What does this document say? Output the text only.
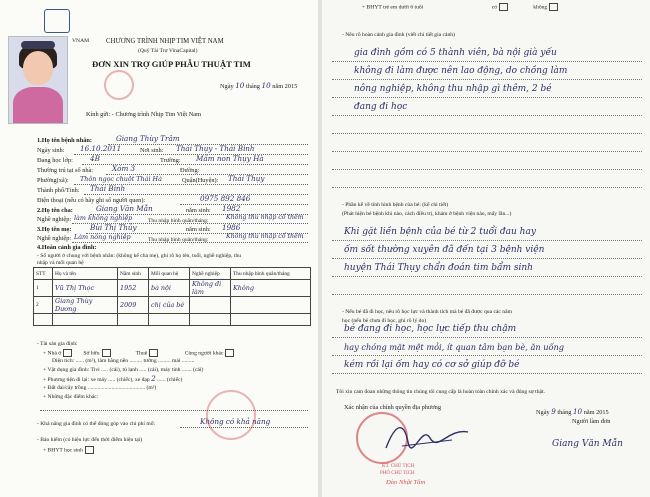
VNAM CHƯƠNG TRÌNH NHỊP TIM VIỆT NAM
(Quỹ Tài Trợ VinaCapital)
ĐƠN XIN TRỢ GIÚP PHẪU THUẬT TIM
Ngày 10 tháng 10 năm 2015
Kính gửi: - Chương trình Nhịp Tim Việt Nam
1.Họ tên bệnh nhân:	Giang Thùy Trâm
Ngày sinh: 16.10.2011	Nơi sinh: Thái Thụy - Thái Bình
Đang học lớp: 4B	Trường: Mầm non Thụy Hà
Thường trú tại số nhà:	Xóm 3	Đường:
Phường(xã): Thôn ngọc chuột Thái Hà	Quận(Huyện): Thái Thụy
Thành phố/Tỉnh: Thái Bình
Điện thoại (nếu có hãy ghi số người quen):	0975 892 846
2.Họ tên cha:	Giang Văn Mẫn	năm sinh: 1982
Nghề nghiệp: làm không nghiệp	Thu nhập bình quân/tháng:	Không thu nhập cố thêm
3.Họ tên mẹ:	Bùi Thị Thủy	năm sinh: 1986
Nghề nghiệp: Làm nông nghiệp	Thu nhập bình quân/tháng:	Không thu nhập cố thêm
4.Hoàn cảnh gia đình:
- Số người ở chung với bệnh nhân: (không kể cha mẹ), ghi rõ họ tên, tuổi, nghề nghiệp, thu
nhập và mối quan hệ
STT	Họ và tên	Năm sinh	Mối quan hệ	Nghề nghiệp	Thu nhập bình quân/tháng
1	Vũ Thị Thọc	1952	bà nội	Không đi làm	Không
2	Giang Thùy Dương	2009	chị của bé		

- Tài sản gia đình:
+ Nhà ở	Sở hữu	Thuê	Cùng người khác
Diện tích: ...... (m²), làm bằng nền ......... tường ......... mái .........
+ Vật dụng gia đình: Tivi ..... (cái), tủ lạnh ..... (cái), máy tính ....... (cái)
+ Phương tiện đi lại: xe máy ..... (chiếc), xe đạp 2 ...... (chiếc)
+ Đất đai/cây trồng ......................................... (m²)
+ Những đặc điểm khác:
- Khả năng gia đình có thể đóng góp vào chi phí mổ:	Không có khả năng
- Bảo hiểm (có hiệu lực đến thời điểm hiện tại)
+ BHYT học sinh
+ BHYT trẻ em dưới 6 tuổi	có	không
- Nêu rõ hoàn cảnh gia đình (viết chi tiết gia cảnh)
gia đình gồm có 5 thành viên, bà nội già yếu
không đi làm được nên lao động, do chồng làm
nông nghiệp, không thu nhập gì thêm, 2 bé
đang đi học
- Phần kể về tình hình bệnh của bé: (kể chi tiết)
(Phát hiện bé bệnh khi nào, cách điều trị, khám ở bệnh viện nào, mấy lần...)
Khi gặt liền bệnh của bé từ 2 tuổi đau hay
ốm sốt thường xuyên đã đến tại 3 bệnh viện
huyện Thái Thụy chẩn đoán tim bẩm sinh
- Nếu bé đã đi học, nêu rõ học lực và thành tích mà bé đã được qua các năm
học (nếu bé chưa đi học, ghi rõ lý do)
bé đang đi học, học lực tiếp thu chậm
hay chóng mặt mệt mỏi, ít quan tâm bạn bè, ăn uống
kém rồi lại ốm hay có cơ sở giúp đỡ bé
Tôi xin cam đoan những thông tin chúng tôi cung cấp là hoàn toàn chính xác và đúng sự thật.
Xác nhận của chính quyền địa phương
Ngày 9 tháng 10 năm 2015
Người làm đơn
Giang Văn Mẫn
KT. CHỦ TỊCH
PHÓ CHỦ TỊCH
Đào Nhật Tâm
